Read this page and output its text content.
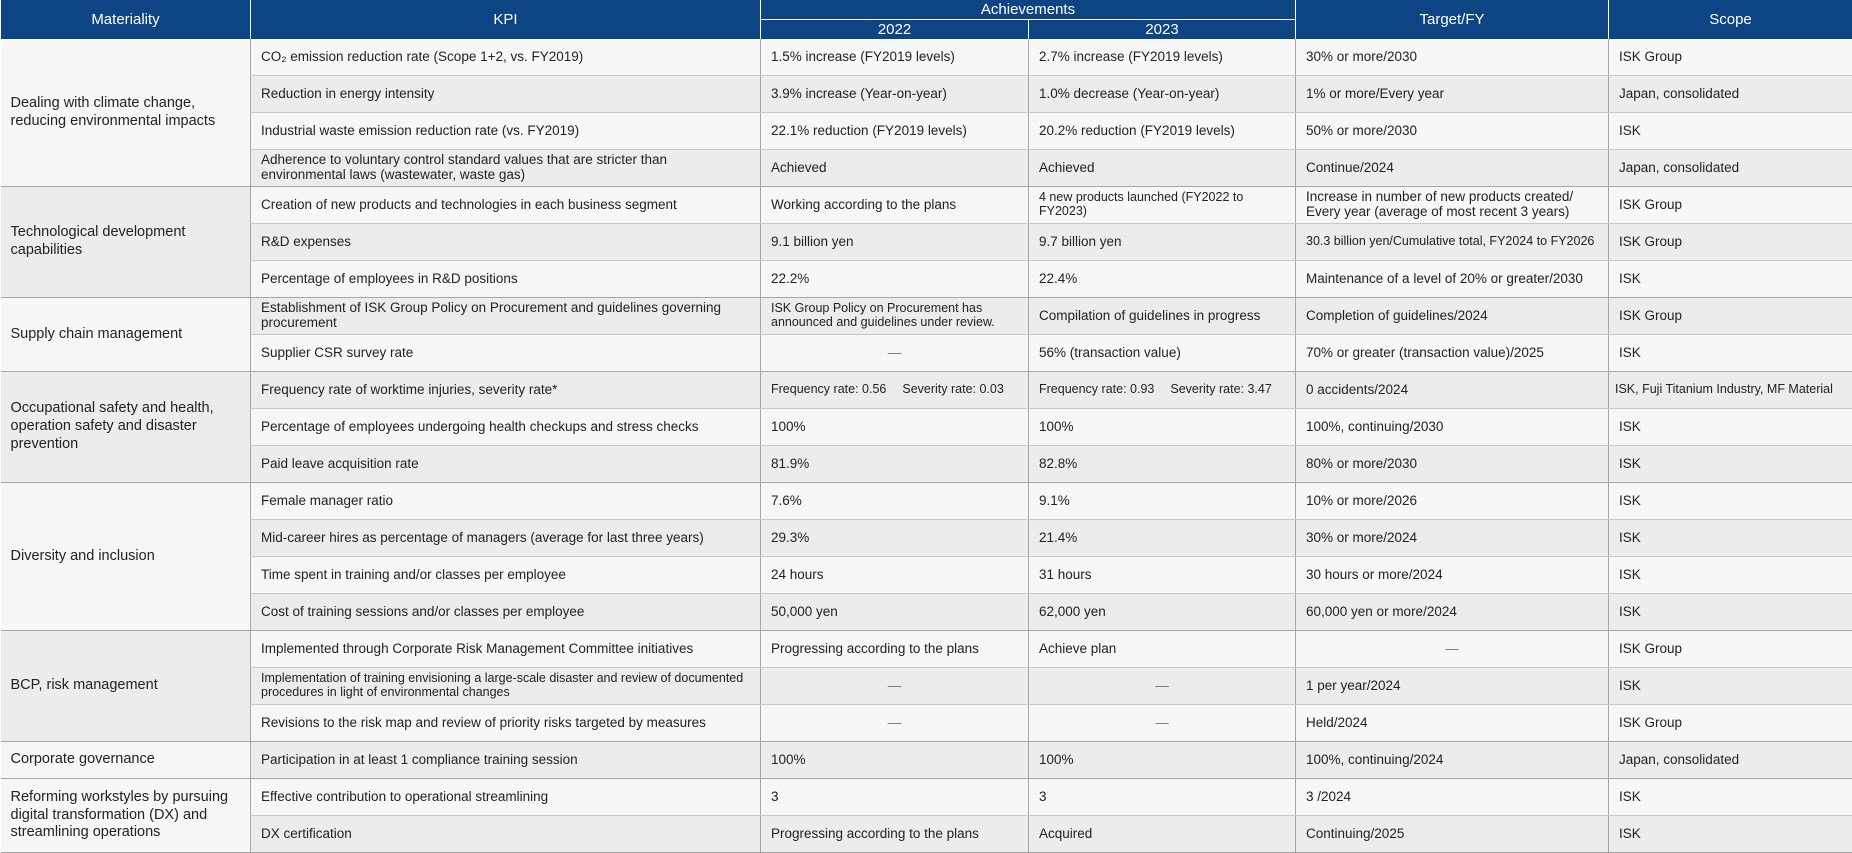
Materiality	KPI	Achievements		Target/FY	Scope
		2022	2023		
Dealing with climate change, reducing environmental impacts	CO₂ emission reduction rate (Scope 1+2, vs. FY2019)	1.5% increase (FY2019 levels)	2.7% increase (FY2019 levels)	30% or more/2030	ISK Group
	Reduction in energy intensity	3.9% increase (Year-on-year)	1.0% decrease (Year-on-year)	1% or more/Every year	Japan, consolidated
	Industrial waste emission reduction rate (vs. FY2019)	22.1% reduction (FY2019 levels)	20.2% reduction (FY2019 levels)	50% or more/2030	ISK
	Adherence to voluntary control standard values that are stricter than environmental laws (wastewater, waste gas)	Achieved	Achieved	Continue/2024	Japan, consolidated
Technological development capabilities	Creation of new products and technologies in each business segment	Working according to the plans	4 new products launched (FY2022 to FY2023)	Increase in number of new products created/ Every year (average of most recent 3 years)	ISK Group
	R&D expenses	9.1 billion yen	9.7 billion yen	30.3 billion yen/Cumulative total, FY2024 to FY2026	ISK Group
	Percentage of employees in R&D positions	22.2%	22.4%	Maintenance of a level of 20% or greater/2030	ISK
Supply chain management	Establishment of ISK Group Policy on Procurement and guidelines governing procurement	ISK Group Policy on Procurement has announced and guidelines under review.	Compilation of guidelines in progress	Completion of guidelines/2024	ISK Group
	Supplier CSR survey rate	—	56% (transaction value)	70% or greater (transaction value)/2025	ISK
Occupational safety and health, operation safety and disaster prevention	Frequency rate of worktime injuries, severity rate*	Frequency rate: 0.56 Severity rate: 0.03	Frequency rate: 0.93 Severity rate: 3.47	0 accidents/2024	ISK, Fuji Titanium Industry, MF Material
	Percentage of employees undergoing health checkups and stress checks	100%	100%	100%, continuing/2030	ISK
	Paid leave acquisition rate	81.9%	82.8%	80% or more/2030	ISK
Diversity and inclusion	Female manager ratio	7.6%	9.1%	10% or more/2026	ISK
	Mid-career hires as percentage of managers (average for last three years)	29.3%	21.4%	30% or more/2024	ISK
	Time spent in training and/or classes per employee	24 hours	31 hours	30 hours or more/2024	ISK
	Cost of training sessions and/or classes per employee	50,000 yen	62,000 yen	60,000 yen or more/2024	ISK
BCP, risk management	Implemented through Corporate Risk Management Committee initiatives	Progressing according to the plans	Achieve plan	—	ISK Group
	Implementation of training envisioning a large-scale disaster and review of documented procedures in light of environmental changes	—	—	1 per year/2024	ISK
	Revisions to the risk map and review of priority risks targeted by measures	—	—	Held/2024	ISK Group
Corporate governance	Participation in at least 1 compliance training session	100%	100%	100%, continuing/2024	Japan, consolidated
Reforming workstyles by pursuing digital transformation (DX) and streamlining operations	Effective contribution to operational streamlining	3	3	3 /2024	ISK
	DX certification	Progressing according to the plans	Acquired	Continuing/2025	ISK
